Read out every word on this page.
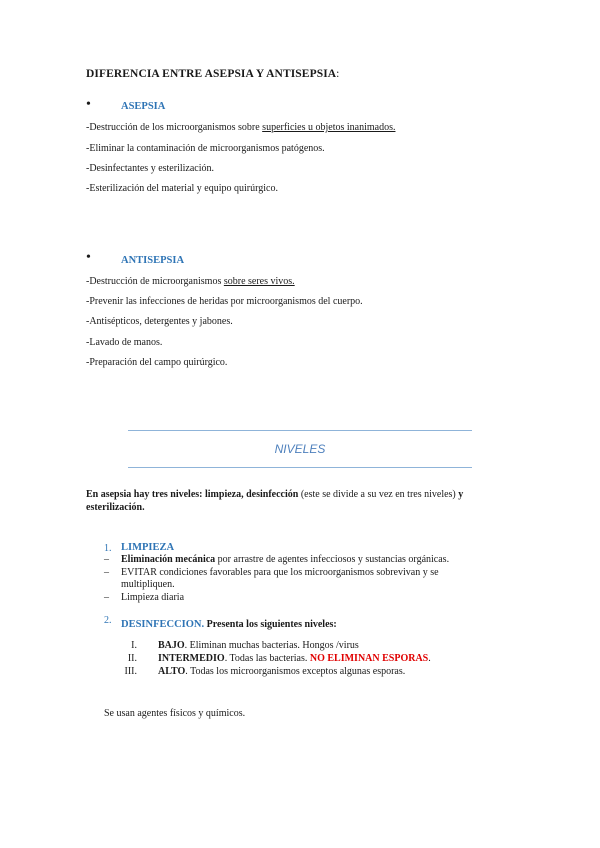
DIFERENCIA ENTRE ASEPSIA Y ANTISEPSIA:
•	ASEPSIA
-Destrucción de los microorganismos sobre superficies u objetos inanimados.
-Eliminar la contaminación de microorganismos patógenos.
-Desinfectantes y esterilización.
-Esterilización del material y equipo quirúrgico.
•	ANTISEPSIA
-Destrucción de microorganismos sobre seres vivos.
-Prevenir las infecciones de heridas por microorganismos del cuerpo.
-Antisépticos, detergentes y jabones.
-Lavado de manos.
-Preparación del campo quirúrgico.
NIVELES
En asepsia hay tres niveles: limpieza, desinfección (este se divide a su vez en tres niveles) y esterilización.
1. LIMPIEZA
– Eliminación mecánica por arrastre de agentes infecciosos y sustancias orgánicas.
– EVITAR condiciones favorables para que los microorganismos sobrevivan y se
multipliquen.
– Limpieza diaria
2. DESINFECCION. Presenta los siguientes niveles:
I. BAJO. Eliminan muchas bacterias. Hongos /virus
II. INTERMEDIO. Todas las bacterias. NO ELIMINAN ESPORAS.
III. ALTO. Todas los microorganismos exceptos algunas esporas.
Se usan agentes físicos y químicos.
